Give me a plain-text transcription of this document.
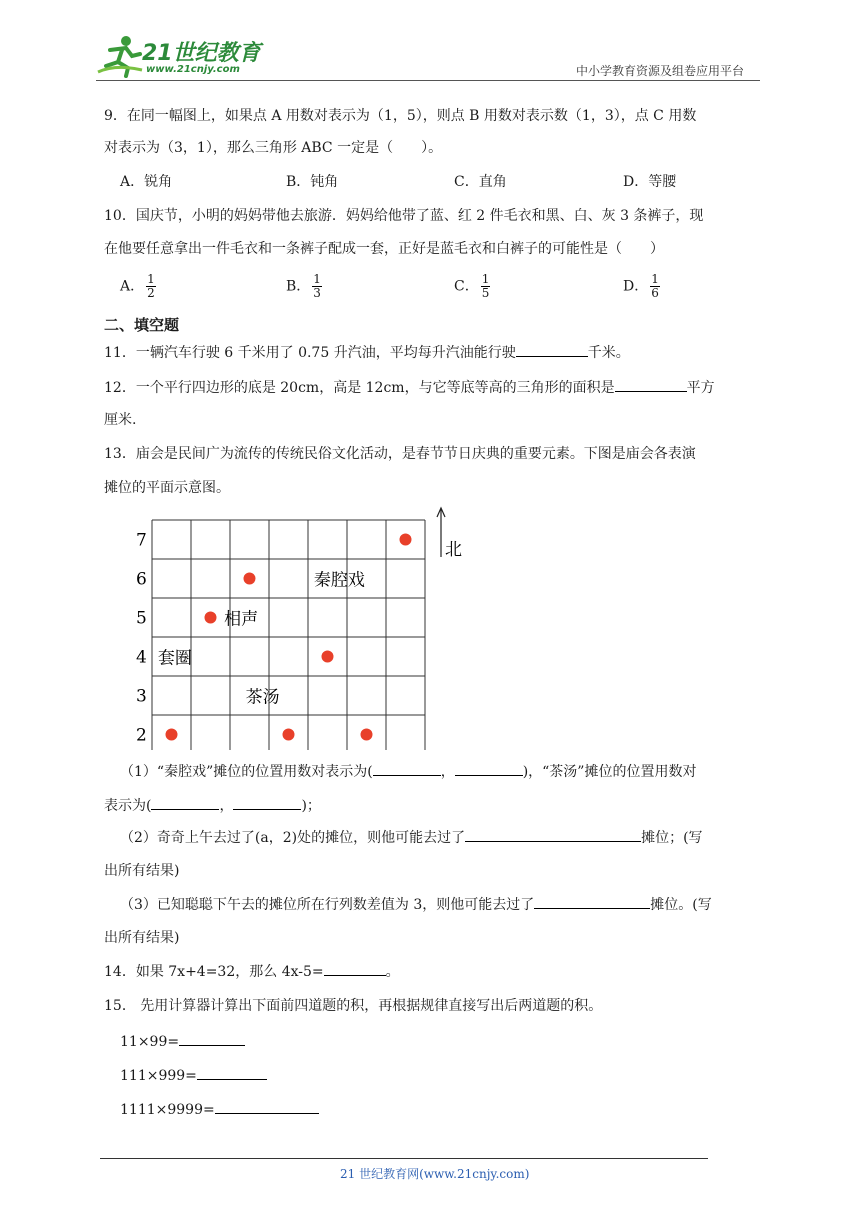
21世纪教育
www.21cnjy.com	中小学教育资源及组卷应用平台
9．在同一幅图上，如果点 A 用数对表示为（1，5），则点 B 用数对表示数（1，3），点 C 用数
对表示为（3，1），那么三角形 ABC 一定是（　　）。
A．锐角	B．钝角	C．直角	D．等腰
10．国庆节，小明的妈妈带他去旅游．妈妈给他带了蓝、红 2 件毛衣和黑、白、灰 3 条裤子，现
在他要任意拿出一件毛衣和一条裤子配成一套，正好是蓝毛衣和白裤子的可能性是（　　）
A． $\frac{1}{2}$	B． $\frac{1}{3}$	C． $\frac{1}{5}$	D． $\frac{1}{6}$
二、填空题
11．一辆汽车行驶 6 千米用了 0.75 升汽油，平均每升汽油能行驶	千米。
12．一个平行四边形的底是 20cm，高是 12cm，与它等底等高的三角形的面积是	平方
厘米.
13．庙会是民间广为流传的传统民俗文化活动，是春节节日庆典的重要元素。下图是庙会各表演
摊位的平面示意图。
2
3
4
5
6
7
秦腔戏
相声
套圈
茶汤
北
（1）“秦腔戏”摊位的位置用数对表示为(	，	)，“茶汤”摊位的位置用数对
表示为(	，	)；
（2）奇奇上午去过了(a，2)处的摊位，则他可能去过了	摊位；(写
出所有结果)
（3）已知聪聪下午去的摊位所在行列数差值为 3，则他可能去过了	摊位。(写
出所有结果)
14．如果 7x+4=32，那么 4x-5=	。
15． 先用计算器计算出下面前四道题的积，再根据规律直接写出后两道题的积。
11×99=
111×999=
1111×9999=
21 世纪教育网(www.21cnjy.com)
